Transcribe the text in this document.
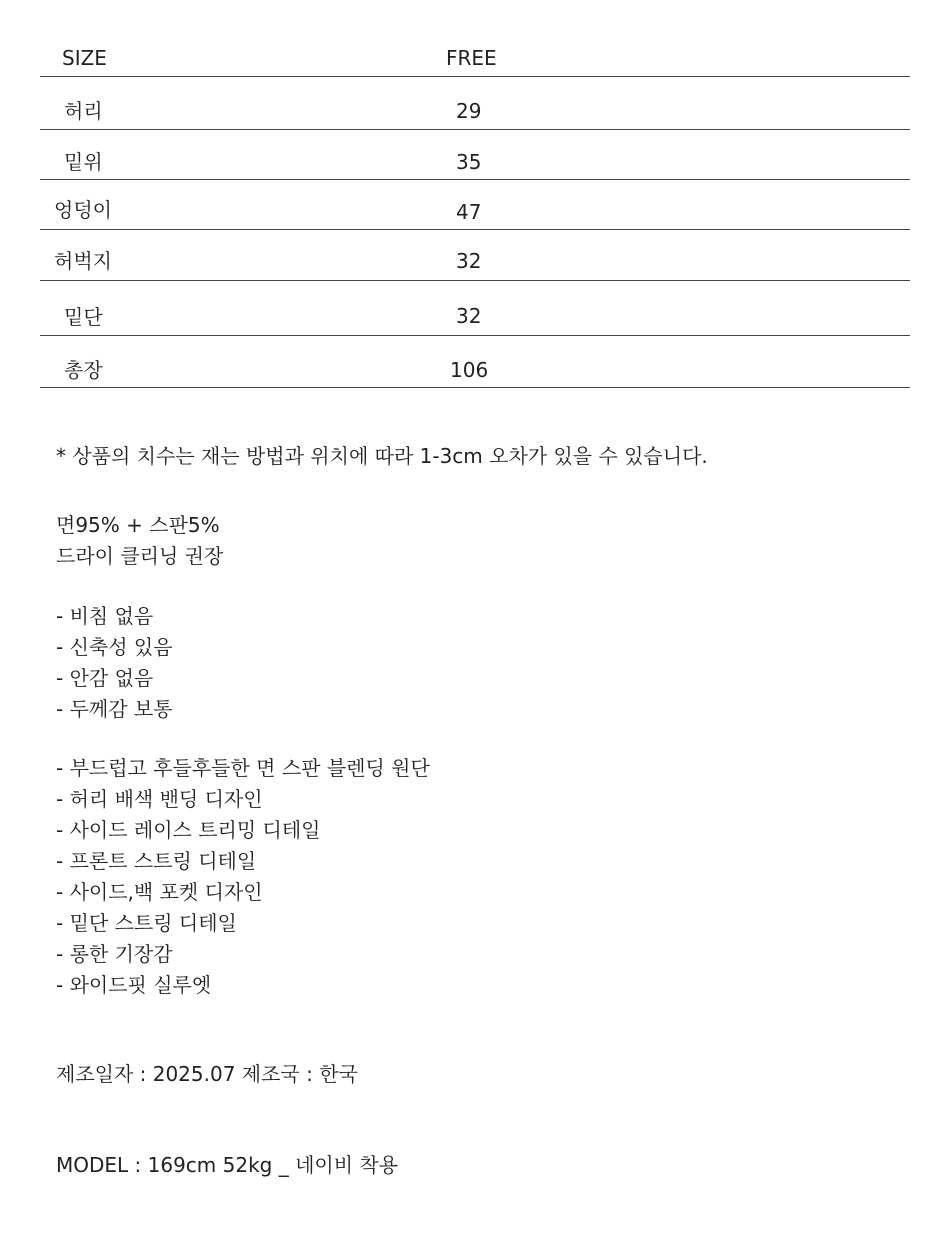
SIZE	FREE
허리	29
밑위	35
엉덩이	47
허벅지	32
밑단	32
총장	106
* 상품의 치수는 재는 방법과 위치에 따라 1-3cm 오차가 있을 수 있습니다.
면95% + 스판5%
드라이 클리닝 권장
- 비침 없음
- 신축성 있음
- 안감 없음
- 두께감 보통
- 부드럽고 후들후들한 면 스판 블렌딩 원단
- 허리 배색 밴딩 디자인
- 사이드 레이스 트리밍 디테일
- 프론트 스트링 디테일
- 사이드,백 포켓 디자인
- 밑단 스트링 디테일
- 롱한 기장감
- 와이드핏 실루엣
제조일자 : 2025.07 제조국 : 한국
MODEL : 169cm 52kg _ 네이비 착용
